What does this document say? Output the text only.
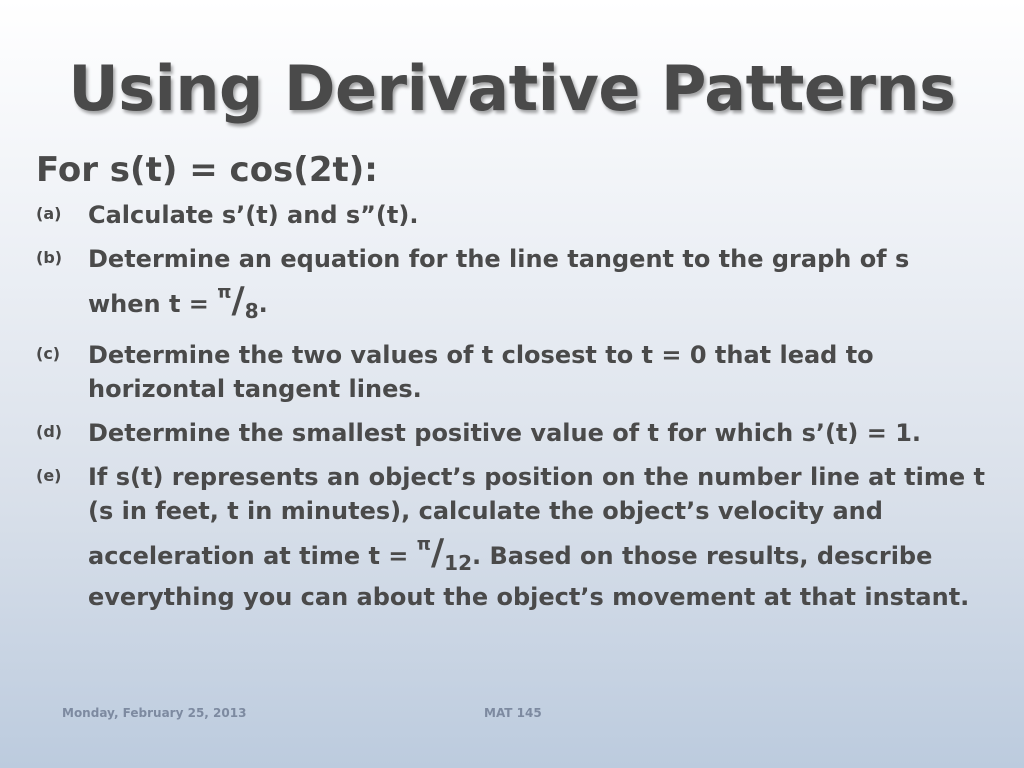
Using Derivative Patterns
For s(t) = cos(2t):
(a)	Calculate s’(t) and s”(t).
(b)	Determine an equation for the line tangent to the graph of s when $t = ^\pi/_8$.
(c)	Determine the two values of t closest to t = 0 that lead to horizontal tangent lines.
(d)	Determine the smallest positive value of t for which s’(t) = 1.
(e)	If s(t) represents an object’s position on the number line at time t (s in feet, t in minutes), calculate the object’s velocity and acceleration at time $t = ^\pi/_{12}$. Based on those results, describe everything you can about the object’s movement at that instant.
Monday, February 25, 2013	MAT 145
